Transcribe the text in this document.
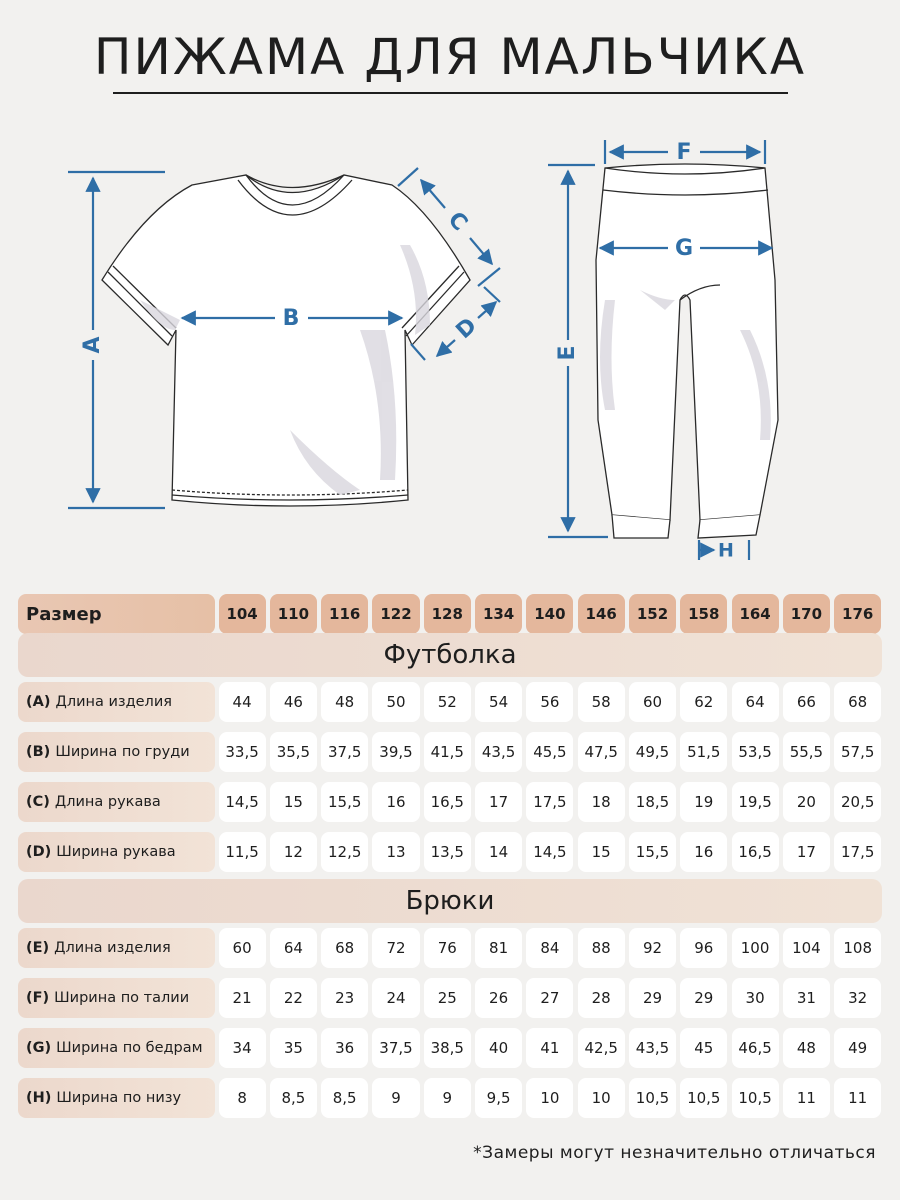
ПИЖАМА ДЛЯ МАЛЬЧИКА
A
B
C
D
E
F
G
H
Размер	104	110	116	122	128	134	140	146	152	158	164	170	176
Футболка
(A) Длина изделия	44	46	48	50	52	54	56	58	60	62	64	66	68
(B) Ширина по груди	33,5	35,5	37,5	39,5	41,5	43,5	45,5	47,5	49,5	51,5	53,5	55,5	57,5
(C) Длина рукава	14,5	15	15,5	16	16,5	17	17,5	18	18,5	19	19,5	20	20,5
(D) Ширина рукава	11,5	12	12,5	13	13,5	14	14,5	15	15,5	16	16,5	17	17,5
Брюки
(E) Длина изделия	60	64	68	72	76	81	84	88	92	96	100	104	108
(F) Ширина по талии	21	22	23	24	25	26	27	28	29	29	30	31	32
(G) Ширина по бедрам	34	35	36	37,5	38,5	40	41	42,5	43,5	45	46,5	48	49
(H) Ширина по низу	8	8,5	8,5	9	9	9,5	10	10	10,5	10,5	10,5	11	11
*Замеры могут незначительно отличаться
